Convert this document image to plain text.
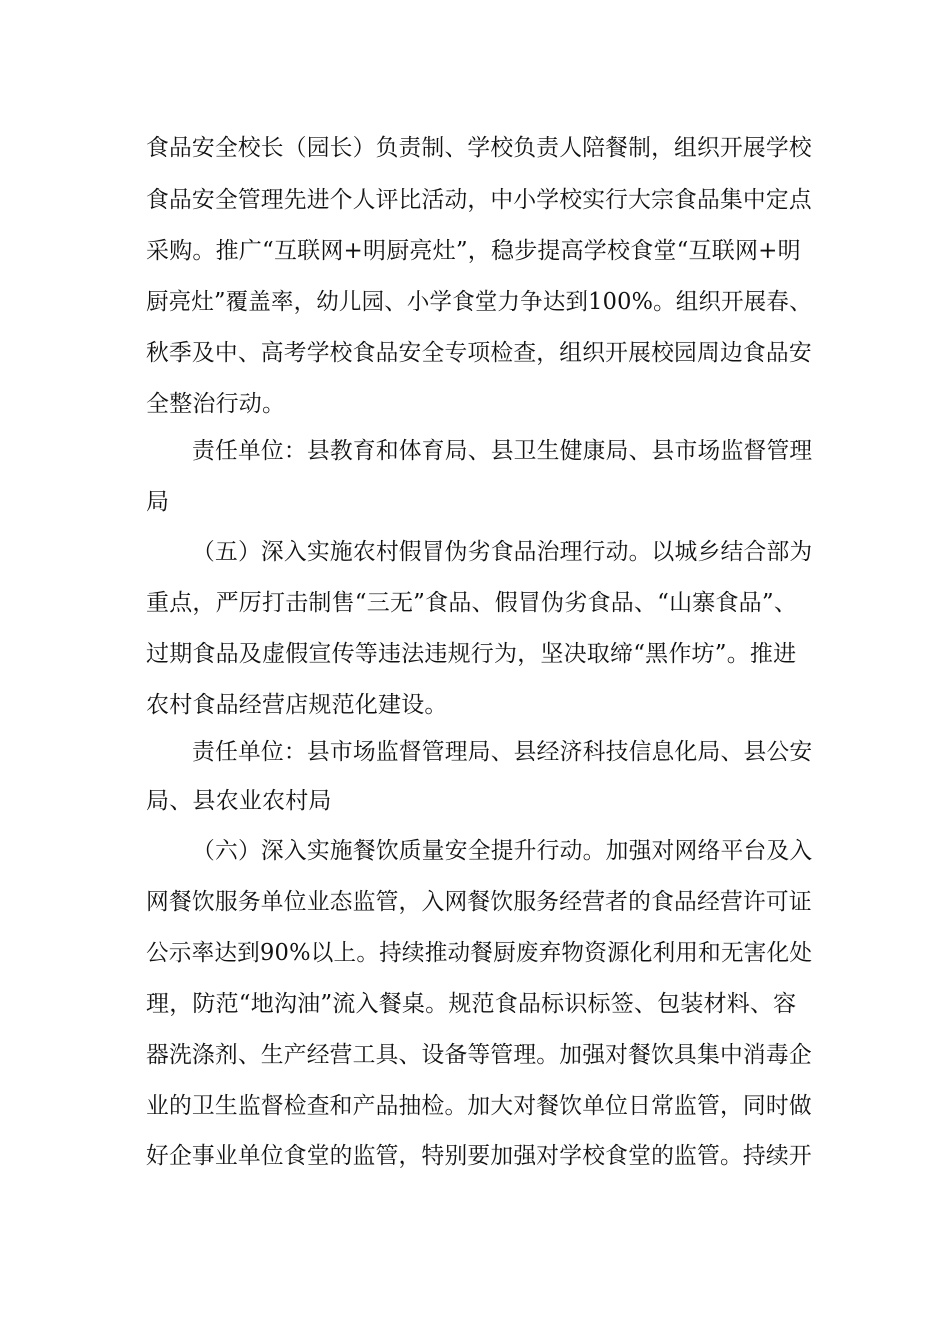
食品安全校长（园长）负责制、学校负责人陪餐制，组织开展学校

食品安全管理先进个人评比活动，中小学校实行大宗食品集中定点

采购。推广“互联网+明厨亮灶”，稳步提高学校食堂“互联网+明

厨亮灶”覆盖率，幼儿园、小学食堂力争达到100%。组织开展春、

秋季及中、高考学校食品安全专项检查，组织开展校园周边食品安

全整治行动。

责任单位：县教育和体育局、县卫生健康局、县市场监督管理

局

（五）深入实施农村假冒伪劣食品治理行动。以城乡结合部为

重点，严厉打击制售“三无”食品、假冒伪劣食品、“山寨食品”、

过期食品及虚假宣传等违法违规行为，坚决取缔“黑作坊”。推进

农村食品经营店规范化建设。

责任单位：县市场监督管理局、县经济科技信息化局、县公安

局、县农业农村局

（六）深入实施餐饮质量安全提升行动。加强对网络平台及入

网餐饮服务单位业态监管，入网餐饮服务经营者的食品经营许可证

公示率达到90%以上。持续推动餐厨废弃物资源化利用和无害化处

理，防范“地沟油”流入餐桌。规范食品标识标签、包装材料、容

器洗涤剂、生产经营工具、设备等管理。加强对餐饮具集中消毒企

业的卫生监督检查和产品抽检。加大对餐饮单位日常监管，同时做

好企事业单位食堂的监管，特别要加强对学校食堂的监管。持续开
